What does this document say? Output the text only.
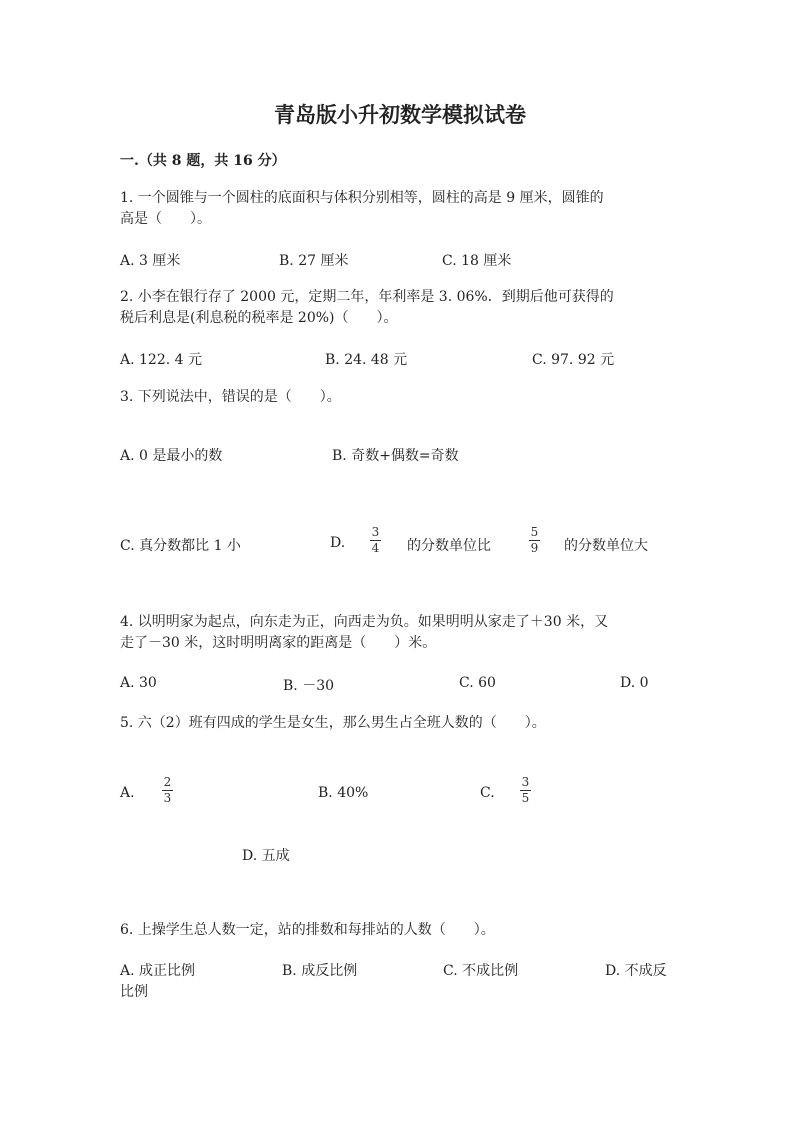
青岛版小升初数学模拟试卷
一.（共 8 题，共 16 分）
1. 一个圆锥与一个圆柱的底面积与体积分别相等，圆柱的高是 9 厘米，圆锥的
高是（　　）。
A. 3 厘米	B. 27 厘米	C. 18 厘米
2. 小李在银行存了 2000 元，定期二年，年利率是 3. 06%．到期后他可获得的
税后利息是(利息税的税率是 20%)（　　）。
A. 122. 4 元	B. 24. 48 元	C. 97. 92 元
3. 下列说法中，错误的是（　　）。
A. 0 是最小的数	B. 奇数+偶数=奇数
C. 真分数都比 1 小	D.
3
4 的分数单位比
5
9 的分数单位大
4. 以明明家为起点，向东走为正，向西走为负。如果明明从家走了＋30 米，又
走了－30 米，这时明明离家的距离是（　　）米。
A. 30	B. －30	C. 60	D. 0
5. 六（2）班有四成的学生是女生，那么男生占全班人数的（　　）。
A.
2
3	B. 40%	C.
3
5
D. 五成
6. 上操学生总人数一定，站的排数和每排站的人数（　　）。
A. 成正比例	B. 成反比例	C. 不成比例	D. 不成反
比例
